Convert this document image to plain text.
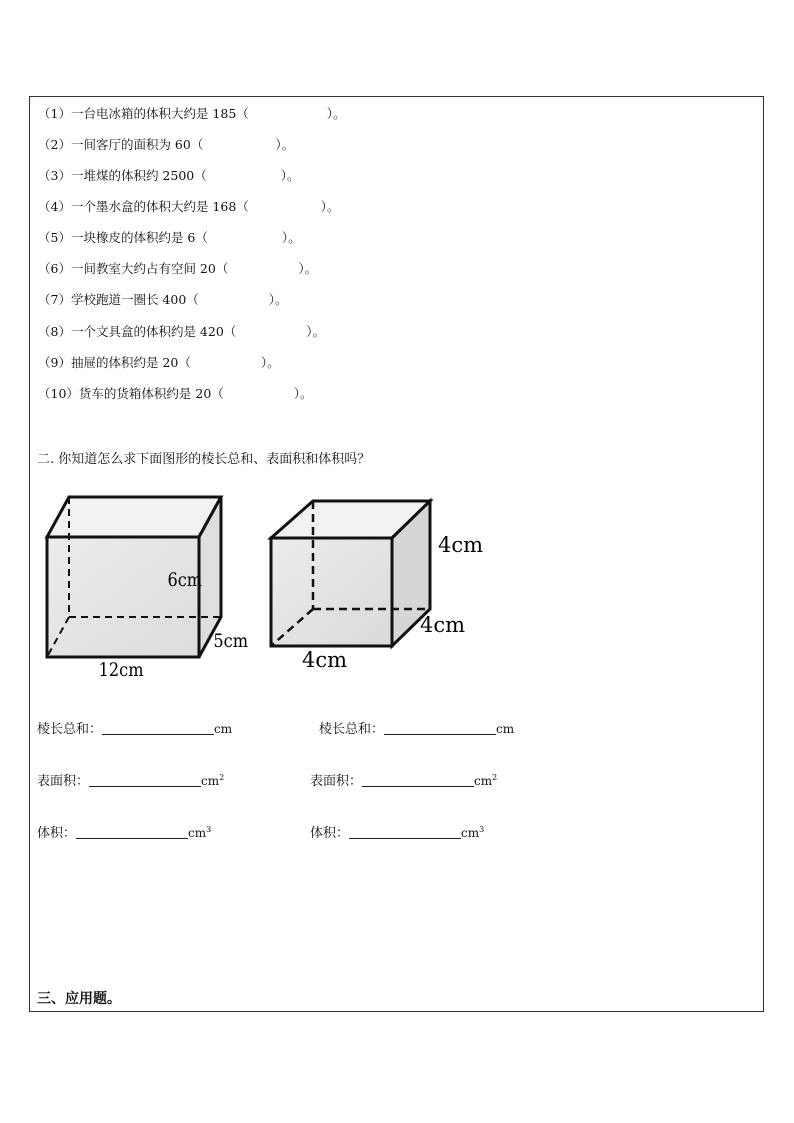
（1）一台电冰箱的体积大约是 185（	）。
（2）一间客厅的面积为 60（	）。
（3）一堆煤的体积约 2500（	）。
（4）一个墨水盒的体积大约是 168（	）。
（5）一块橡皮的体积约是 6（	）。
（6）一间教室大约占有空间 20（	）。
（7）学校跑道一圈长 400（	）。
（8）一个文具盒的体积约是 420（	）。
（9）抽屉的体积约是 20（	）。
（10）货车的货箱体积约是 20（	）。
二. 你知道怎么求下面图形的棱长总和、表面积和体积吗？
6cm
5cm
12cm
4cm
4cm
4cm
棱长总和：	cm
表面积：	$cm^2$
体积：	$cm^3$
棱长总和：	cm
表面积：	$cm^2$
体积：	$cm^3$
三、应用题。
